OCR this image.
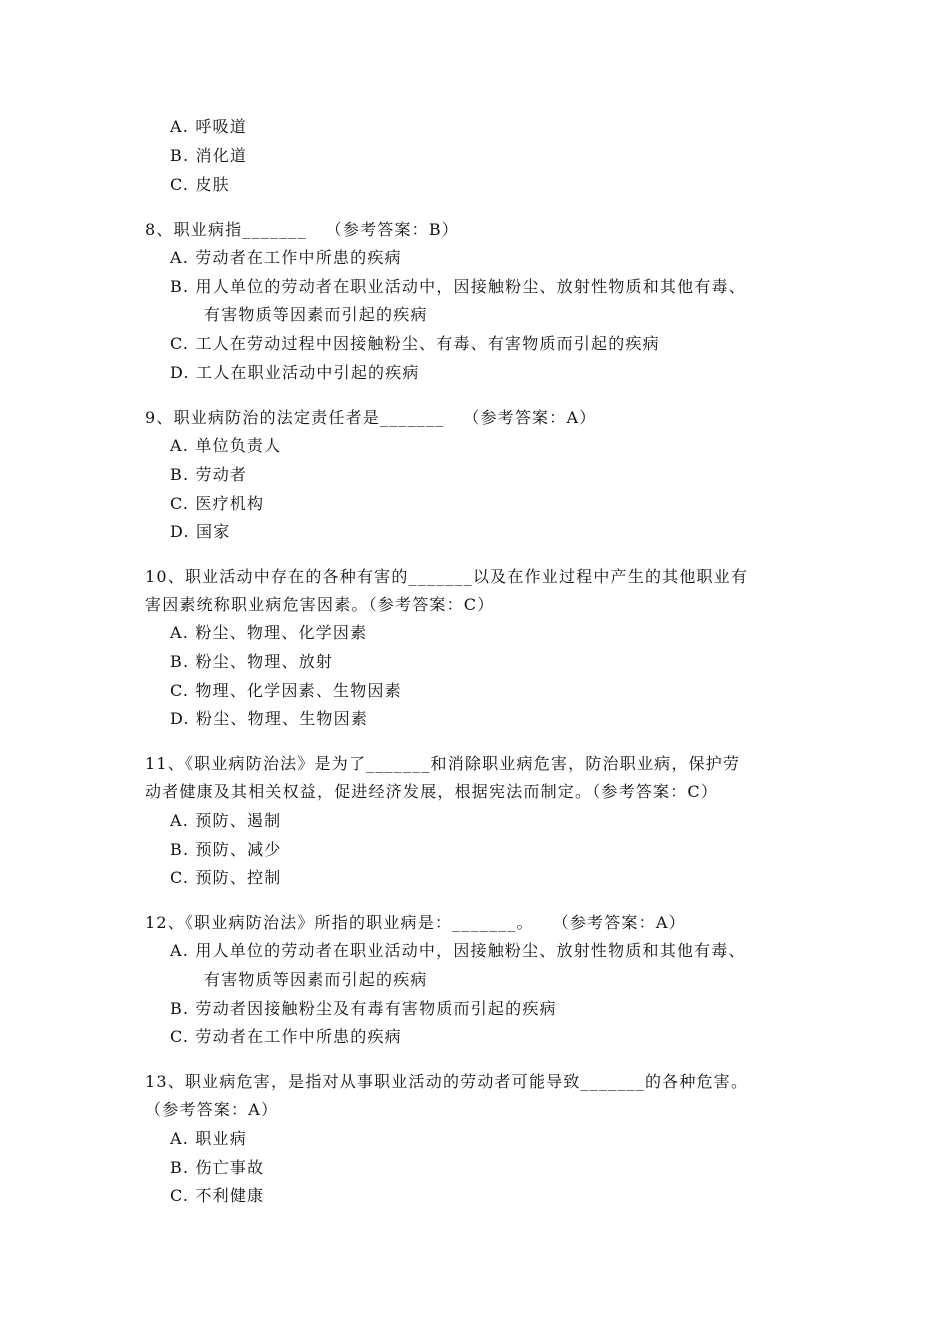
A. 呼吸道
B. 消化道
C. 皮肤
8、职业病指_______   （参考答案：B）
A. 劳动者在工作中所患的疾病
B. 用人单位的劳动者在职业活动中，因接触粉尘、放射性物质和其他有毒、
有害物质等因素而引起的疾病
C. 工人在劳动过程中因接触粉尘、有毒、有害物质而引起的疾病
D. 工人在职业活动中引起的疾病
9、职业病防治的法定责任者是_______   （参考答案：A）
A. 单位负责人
B. 劳动者
C. 医疗机构
D. 国家
10、职业活动中存在的各种有害的_______以及在作业过程中产生的其他职业有
害因素统称职业病危害因素。（参考答案：C）
A. 粉尘、物理、化学因素
B. 粉尘、物理、放射
C. 物理、化学因素、生物因素
D. 粉尘、物理、生物因素
11、《职业病防治法》是为了_______和消除职业病危害，防治职业病，保护劳
动者健康及其相关权益，促进经济发展，根据宪法而制定。（参考答案：C）
A. 预防、遏制
B. 预防、减少
C. 预防、控制
12、《职业病防治法》所指的职业病是：_______。   （参考答案：A）
A. 用人单位的劳动者在职业活动中，因接触粉尘、放射性物质和其他有毒、
有害物质等因素而引起的疾病
B. 劳动者因接触粉尘及有毒有害物质而引起的疾病
C. 劳动者在工作中所患的疾病
13、职业病危害，是指对从事职业活动的劳动者可能导致_______的各种危害。
（参考答案：A）
A. 职业病
B. 伤亡事故
C. 不利健康
